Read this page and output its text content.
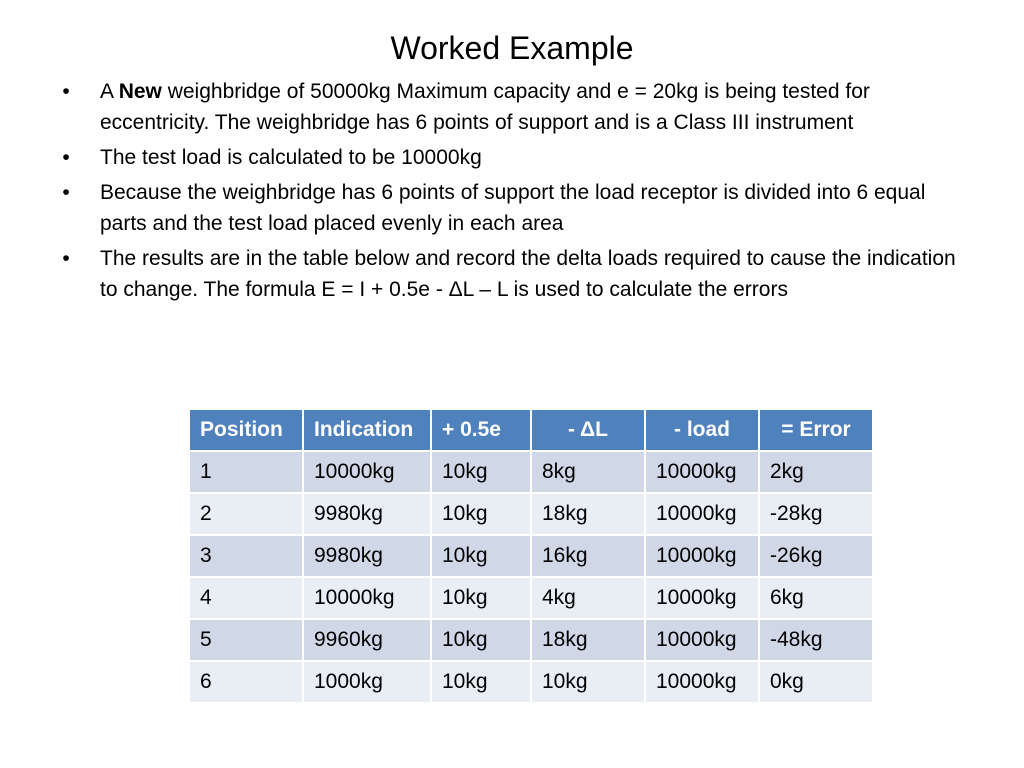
Worked Example
•	A New weighbridge of 50000kg Maximum capacity and e = 20kg is being tested for eccentricity. The weighbridge has 6 points of support and is a Class III instrument
•	The test load is calculated to be 10000kg
•	Because the weighbridge has 6 points of support the load receptor is divided into 6 equal parts and the test load placed evenly in each area
•	The results are in the table below and record the delta loads required to cause the indication to change. The formula E = I + 0.5e - ΔL – L is used to calculate the errors
Position	Indication	+ 0.5e	- ΔL	- load	= Error
1	10000kg	10kg	8kg	10000kg	2kg
2	9980kg	10kg	18kg	10000kg	-28kg
3	9980kg	10kg	16kg	10000kg	-26kg
4	10000kg	10kg	4kg	10000kg	6kg
5	9960kg	10kg	18kg	10000kg	-48kg
6	1000kg	10kg	10kg	10000kg	0kg
